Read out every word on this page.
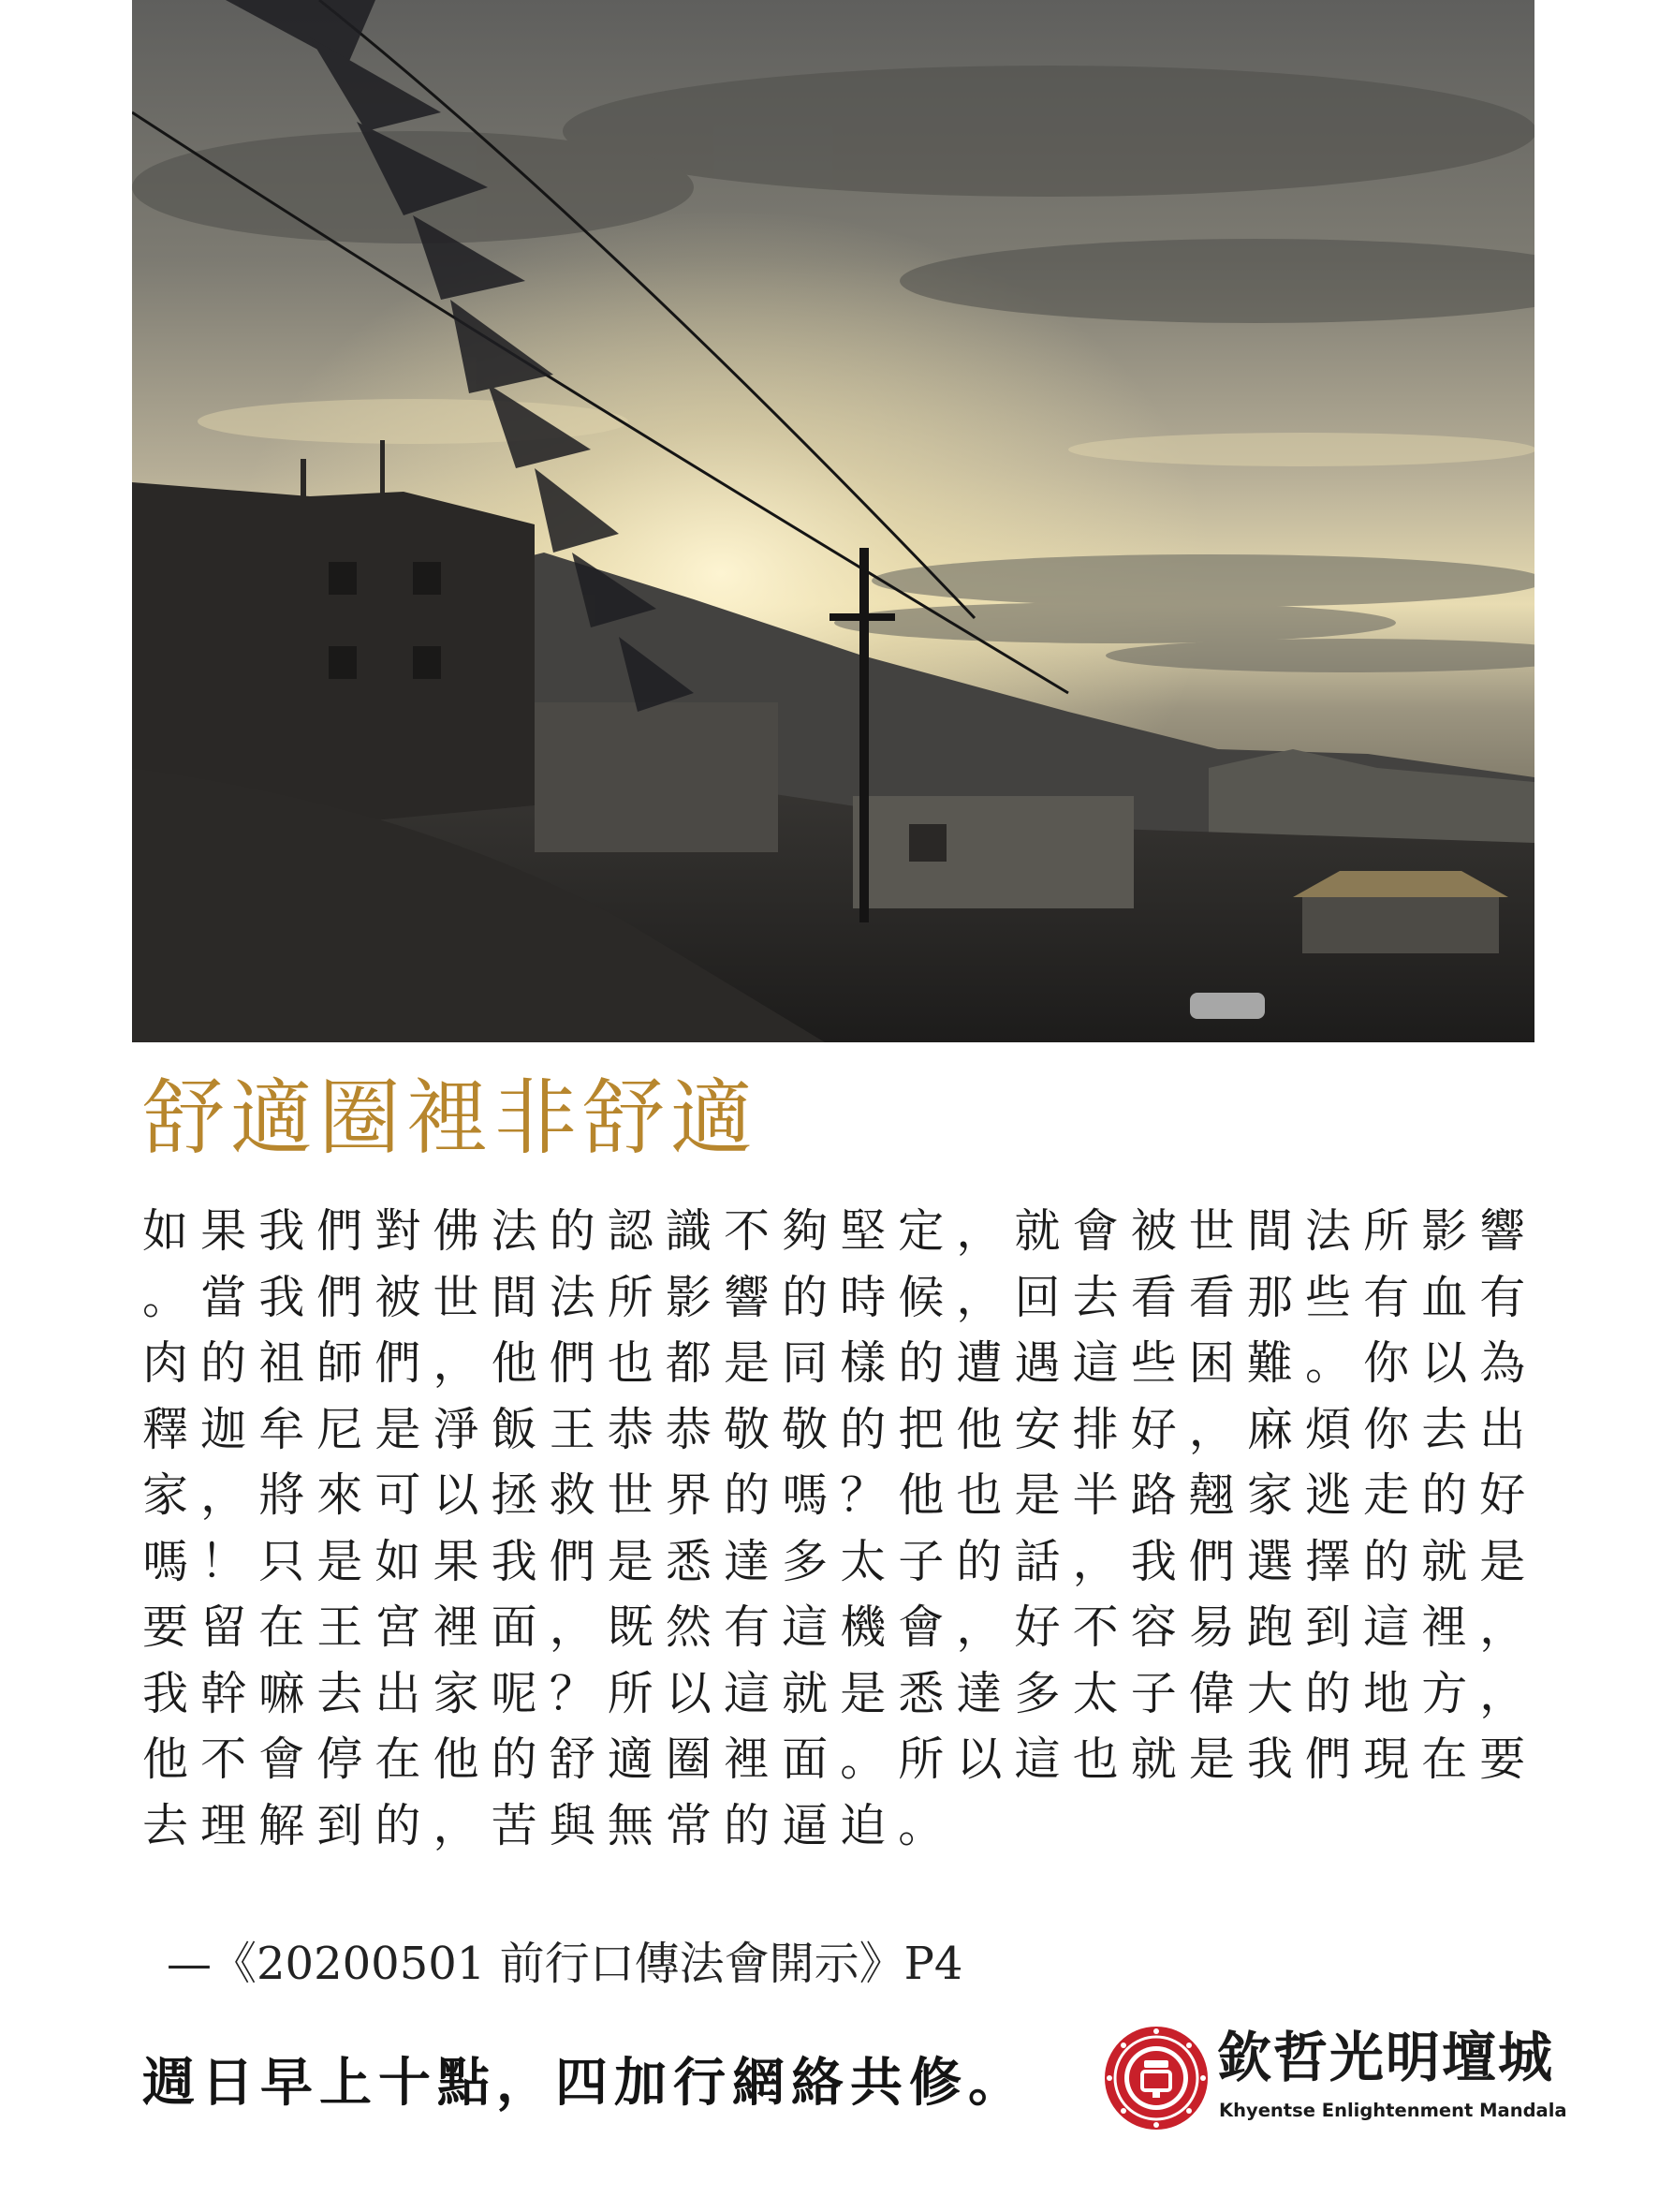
舒適圈裡非舒適
如果我們對佛法的認識不夠堅定，就會被世間法所影響
。當我們被世間法所影響的時候，回去看看那些有血有
肉的祖師們，他們也都是同樣的遭遇這些困難。你以為
釋迦牟尼是淨飯王恭恭敬敬的把他安排好，麻煩你去出
家，將來可以拯救世界的嗎？他也是半路翹家逃走的好
嗎！只是如果我們是悉達多太子的話，我們選擇的就是
要留在王宮裡面，既然有這機會，好不容易跑到這裡，
我幹嘛去出家呢？所以這就是悉達多太子偉大的地方，
他不會停在他的舒適圈裡面。所以這也就是我們現在要
去理解到的，苦與無常的逼迫。
—《20200501 前行口傳法會開示》P4
週日早上十點，四加行網絡共修。	欽哲光明壇城
Khyentse Enlightenment Mandala
